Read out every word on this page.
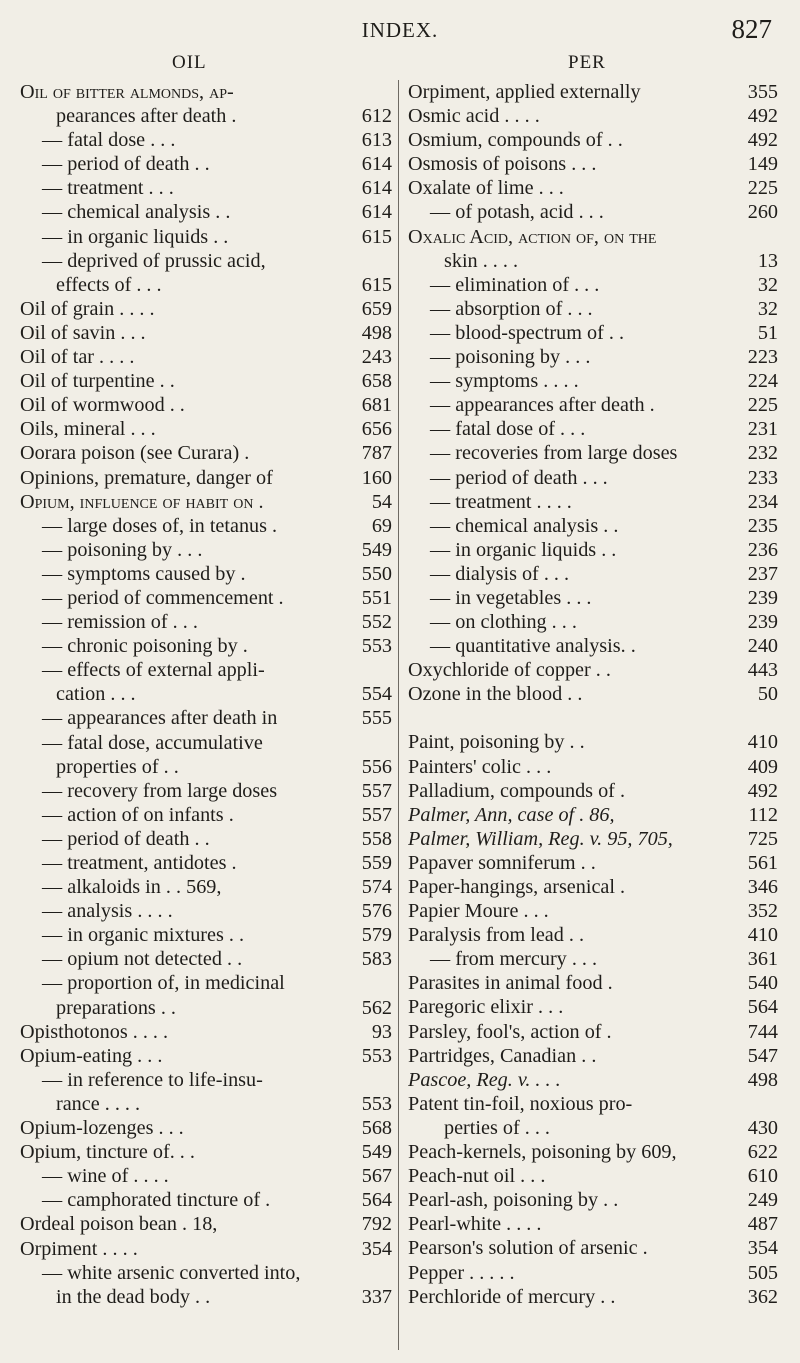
INDEX.	827
OIL	PER
Oil of bitter almonds, ap-
pearances after death .	612
— fatal dose . . .	613
— period of death . .	614
— treatment . . .	614
— chemical analysis . .	614
— in organic liquids . .	615
— deprived of prussic acid,
effects of . . .	615
Oil of grain . . . .	659
Oil of savin . . .	498
Oil of tar . . . .	243
Oil of turpentine . .	658
Oil of wormwood . .	681
Oils, mineral . . .	656
Oorara poison (see Curara) .	787
Opinions, premature, danger of	160
Opium, influence of habit on .	54
— large doses of, in tetanus .	69
— poisoning by . . .	549
— symptoms caused by .	550
— period of commencement .	551
— remission of . . .	552
— chronic poisoning by .	553
— effects of external appli-
cation . . .	554
— appearances after death in	555
— fatal dose, accumulative
properties of . .	556
— recovery from large doses	557
— action of on infants .	557
— period of death . .	558
— treatment, antidotes .	559
— alkaloids in . . 569,	574
— analysis . . . .	576
— in organic mixtures . .	579
— opium not detected . .	583
— proportion of, in medicinal
preparations . .	562
Opisthotonos . . . .	93
Opium-eating . . .	553
— in reference to life-insu-
rance . . . .	553
Opium-lozenges . . .	568
Opium, tincture of. . .	549
— wine of . . . .	567
— camphorated tincture of .	564
Ordeal poison bean . 18,	792
Orpiment . . . .	354
— white arsenic converted into,
in the dead body . .	337
Orpiment, applied externally	355
Osmic acid . . . .	492
Osmium, compounds of . .	492
Osmosis of poisons . . .	149
Oxalate of lime . . .	225
— of potash, acid . . .	260
Oxalic Acid, action of, on the
skin . . . .	13
— elimination of . . .	32
— absorption of . . .	32
— blood-spectrum of . .	51
— poisoning by . . .	223
— symptoms . . . .	224
— appearances after death .	225
— fatal dose of . . .	231
— recoveries from large doses	232
— period of death . . .	233
— treatment . . . .	234
— chemical analysis . .	235
— in organic liquids . .	236
— dialysis of . . .	237
— in vegetables . . .	239
— on clothing . . .	239
— quantitative analysis. .	240
Oxychloride of copper . .	443
Ozone in the blood . .	50
Paint, poisoning by . .	410
Painters' colic . . .	409
Palladium, compounds of .	492
Palmer, Ann, case of . 86,	112
Palmer, William, Reg. v. 95, 705,	725
Papaver somniferum . .	561
Paper-hangings, arsenical .	346
Papier Moure . . .	352
Paralysis from lead . .	410
— from mercury . . .	361
Parasites in animal food .	540
Paregoric elixir . . .	564
Parsley, fool's, action of .	744
Partridges, Canadian . .	547
Pascoe, Reg. v. . . .	498
Patent tin-foil, noxious pro-
perties of . . .	430
Peach-kernels, poisoning by 609,	622
Peach-nut oil . . .	610
Pearl-ash, poisoning by . .	249
Pearl-white . . . .	487
Pearson's solution of arsenic .	354
Pepper . . . . .	505
Perchloride of mercury . .	362
